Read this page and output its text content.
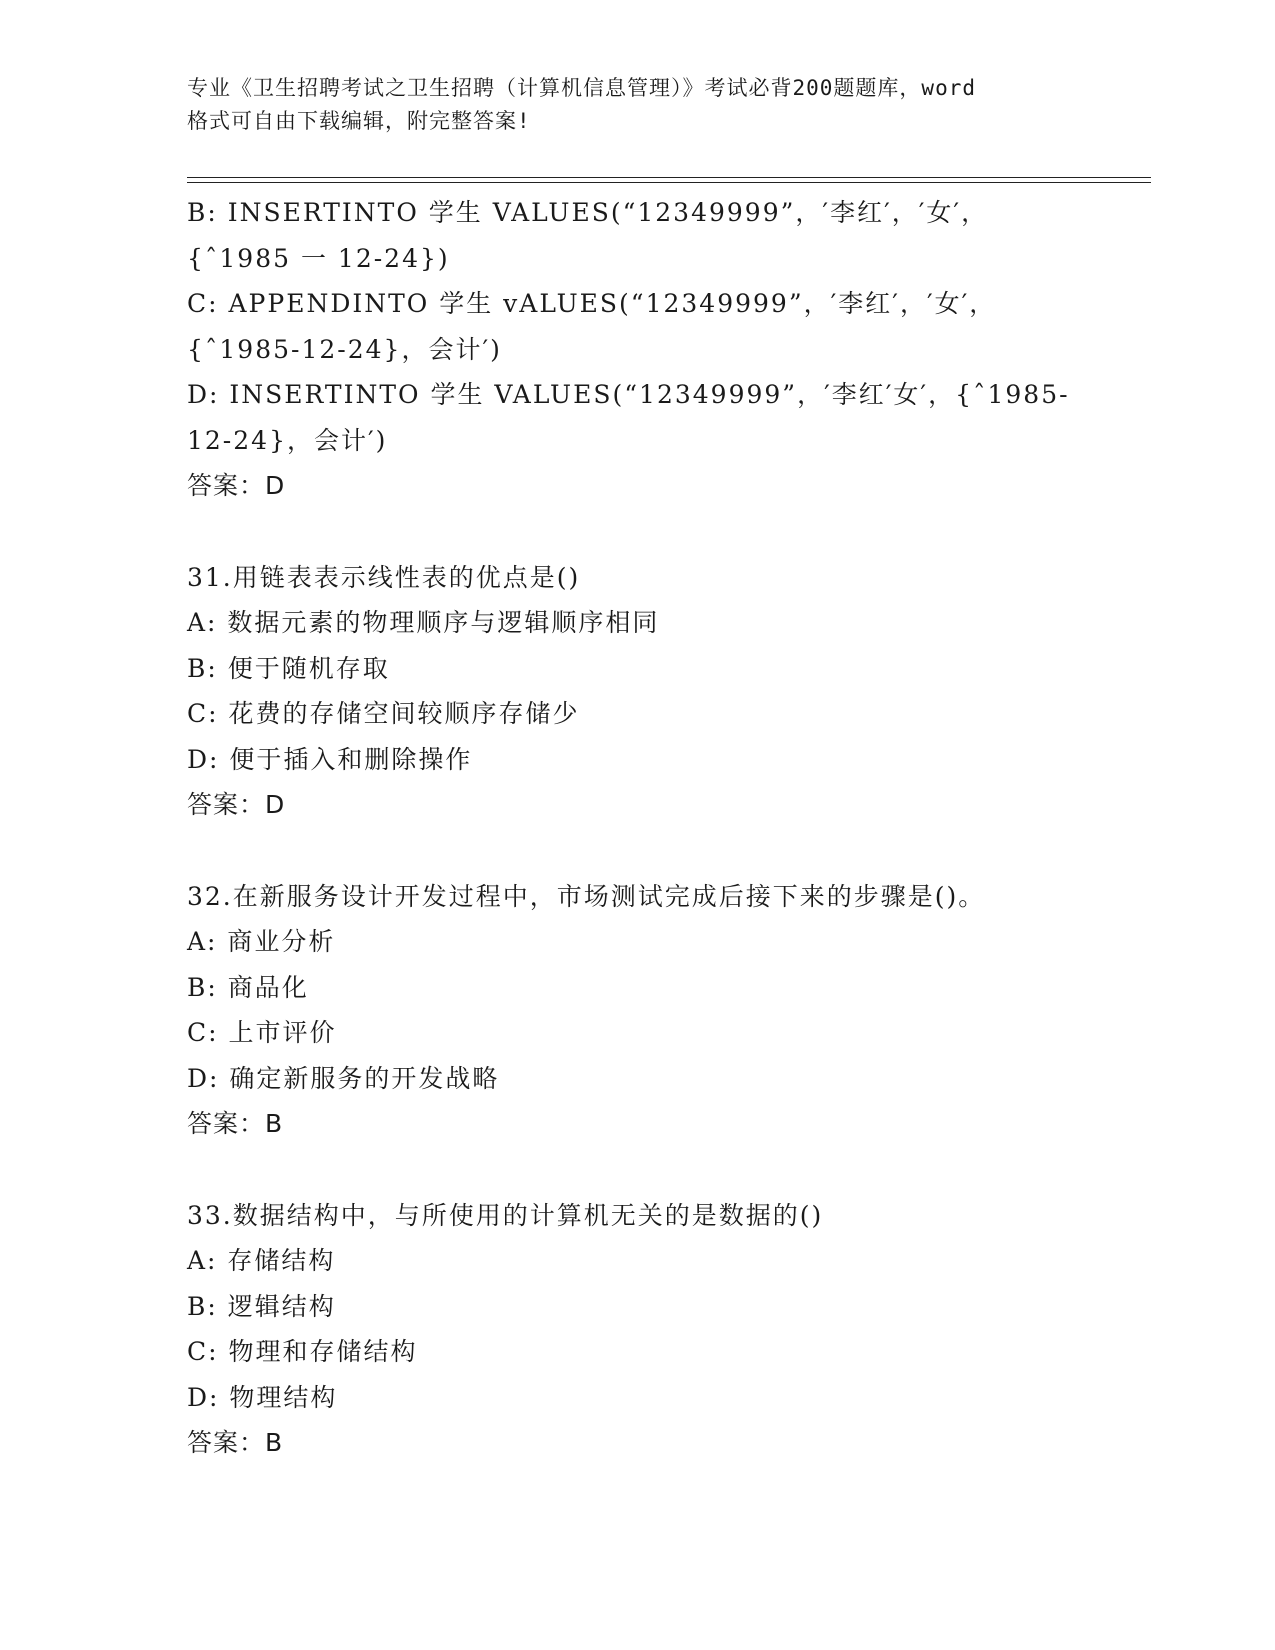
专业《卫生招聘考试之卫生招聘（计算机信息管理）》考试必背200题题库，word
格式可自由下载编辑，附完整答案!
B: INSERTINTO 学生 VALUES(“12349999”，′李红′，′女′，
{ˆ1985 一 12-24})
C: APPENDINTO 学生 vALUES(“12349999”，′李红′，′女′，
{ˆ1985-12-24}，会计′)
D: INSERTINTO 学生 VALUES(“12349999”，′李红′女′，{ˆ1985-
12-24}，会计′)
答案：D
31.用链表表示线性表的优点是()
A: 数据元素的物理顺序与逻辑顺序相同
B: 便于随机存取
C: 花费的存储空间较顺序存储少
D: 便于插入和删除操作
答案：D
32.在新服务设计开发过程中，市场测试完成后接下来的步骤是()。
A: 商业分析
B: 商品化
C: 上市评价
D: 确定新服务的开发战略
答案：B
33.数据结构中，与所使用的计算机无关的是数据的()
A: 存储结构
B: 逻辑结构
C: 物理和存储结构
D: 物理结构
答案：B
